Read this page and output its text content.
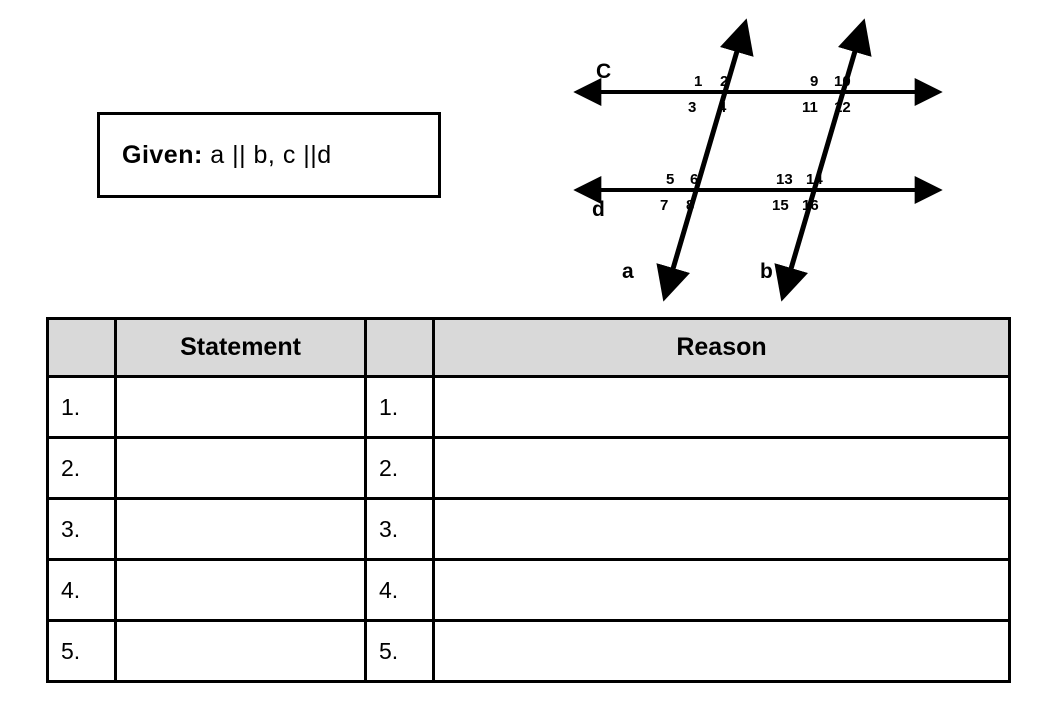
Given: a || b, c ||d
C
d
a	b
1 2
3 4
9 10
11 12
5 6
7 8
13 14
15 16
	Statement		Reason
1.		1.	
2.		2.	
3.		3.	
4.		4.	
5.		5.	
